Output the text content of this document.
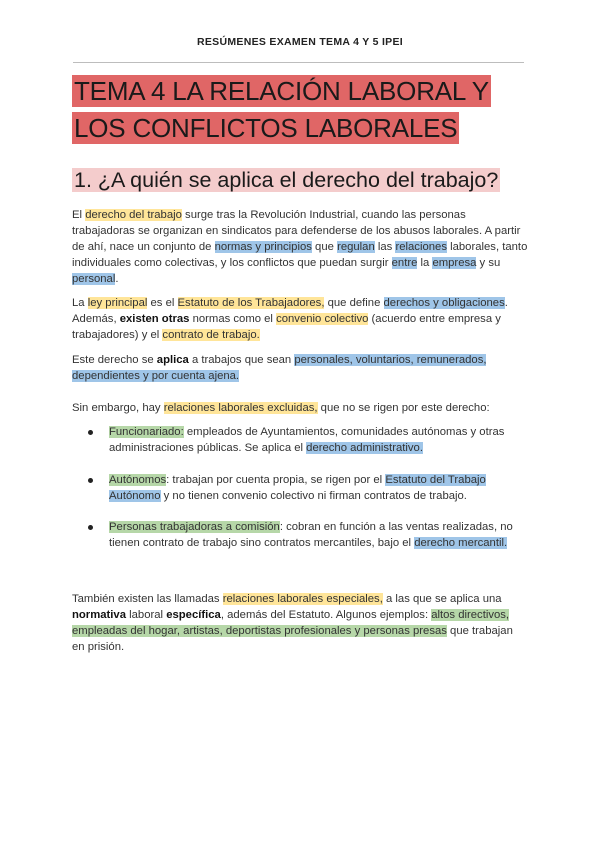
RESÚMENES EXAMEN TEMA 4 Y 5 IPEI
TEMA 4 LA RELACIÓN LABORAL Y
LOS CONFLICTOS LABORALES
1. ¿A quién se aplica el derecho del trabajo?
El derecho del trabajo surge tras la Revolución Industrial, cuando las personas trabajadoras se organizan en sindicatos para defenderse de los abusos laborales. A partir de ahí, nace un conjunto de normas y principios que regulan las relaciones laborales, tanto individuales como colectivas, y los conflictos que puedan surgir entre la empresa y su personal.
La ley principal es el Estatuto de los Trabajadores, que define derechos y obligaciones. Además, existen otras normas como el convenio colectivo (acuerdo entre empresa y trabajadores) y el contrato de trabajo.
Este derecho se aplica a trabajos que sean personales, voluntarios, remunerados, dependientes y por cuenta ajena.
Sin embargo, hay relaciones laborales excluidas, que no se rigen por este derecho:
Funcionariado: empleados de Ayuntamientos, comunidades autónomas y otras administraciones públicas. Se aplica el derecho administrativo.
Autónomos: trabajan por cuenta propia, se rigen por el Estatuto del Trabajo Autónomo y no tienen convenio colectivo ni firman contratos de trabajo.
Personas trabajadoras a comisión: cobran en función a las ventas realizadas, no tienen contrato de trabajo sino contratos mercantiles, bajo el derecho mercantil.
También existen las llamadas relaciones laborales especiales, a las que se aplica una normativa laboral específica, además del Estatuto. Algunos ejemplos: altos directivos, empleadas del hogar, artistas, deportistas profesionales y personas presas que trabajan en prisión.
